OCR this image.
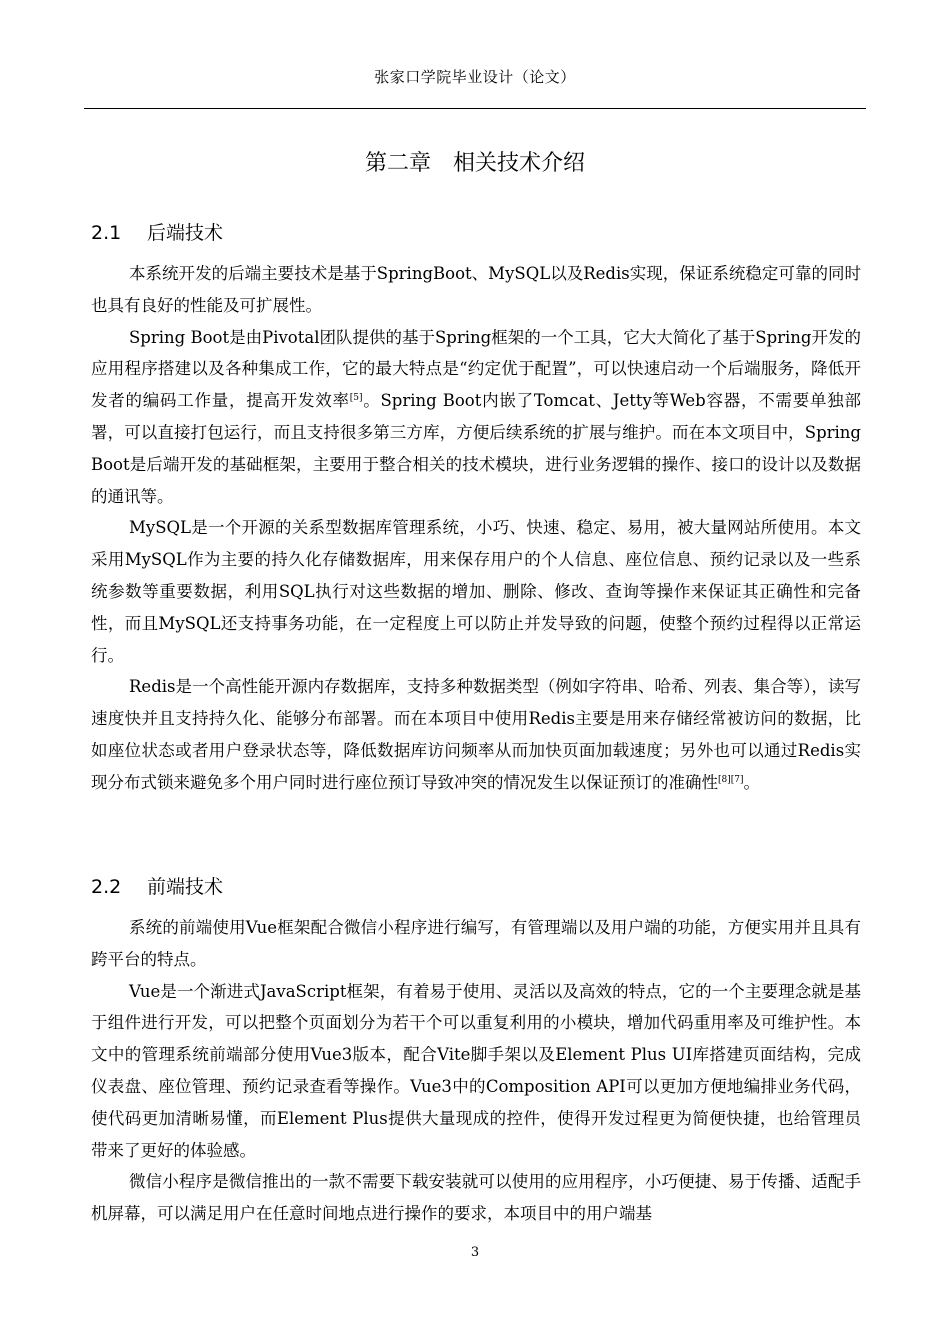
张家口学院毕业设计（论文）
第二章　相关技术介绍
2.1 后端技术

本系统开发的后端主要技术是基于SpringBoot、MySQL以及Redis实现，保证系统稳定可靠的同时也具有良好的性能及可扩展性。

Spring Boot是由Pivotal团队提供的基于Spring框架的一个工具，它大大简化了基于Spring开发的应用程序搭建以及各种集成工作，它的最大特点是“约定优于配置”，可以快速启动一个后端服务，降低开发者的编码工作量，提高开发效率[5]。Spring Boot内嵌了Tomcat、Jetty等Web容器，不需要单独部署，可以直接打包运行，而且支持很多第三方库，方便后续系统的扩展与维护。而在本文项目中，Spring Boot是后端开发的基础框架，主要用于整合相关的技术模块，进行业务逻辑的操作、接口的设计以及数据的通讯等。

MySQL是一个开源的关系型数据库管理系统，小巧、快速、稳定、易用，被大量网站所使用。本文采用MySQL作为主要的持久化存储数据库，用来保存用户的个人信息、座位信息、预约记录以及一些系统参数等重要数据，利用SQL执行对这些数据的增加、删除、修改、查询等操作来保证其正确性和完备性，而且MySQL还支持事务功能，在一定程度上可以防止并发导致的问题，使整个预约过程得以正常运行。

Redis是一个高性能开源内存数据库，支持多种数据类型（例如字符串、哈希、列表、集合等），读写速度快并且支持持久化、能够分布部署。而在本项目中使用Redis主要是用来存储经常被访问的数据，比如座位状态或者用户登录状态等，降低数据库访问频率从而加快页面加载速度；另外也可以通过Redis实现分布式锁来避免多个用户同时进行座位预订导致冲突的情况发生以保证预订的准确性[8][7]。

2.2 前端技术

系统的前端使用Vue框架配合微信小程序进行编写，有管理端以及用户端的功能，方便实用并且具有跨平台的特点。

Vue是一个渐进式JavaScript框架，有着易于使用、灵活以及高效的特点，它的一个主要理念就是基于组件进行开发，可以把整个页面划分为若干个可以重复利用的小模块，增加代码重用率及可维护性。本文中的管理系统前端部分使用Vue3版本，配合Vite脚手架以及Element Plus UI库搭建页面结构，完成仪表盘、座位管理、预约记录查看等操作。Vue3中的Composition API可以更加方便地编排业务代码，使代码更加清晰易懂，而Element Plus提供大量现成的控件，使得开发过程更为简便快捷，也给管理员带来了更好的体验感。

微信小程序是微信推出的一款不需要下载安装就可以使用的应用程序，小巧便捷、易于传播、适配手机屏幕，可以满足用户在任意时间地点进行操作的要求，本项目中的用户端基

3
